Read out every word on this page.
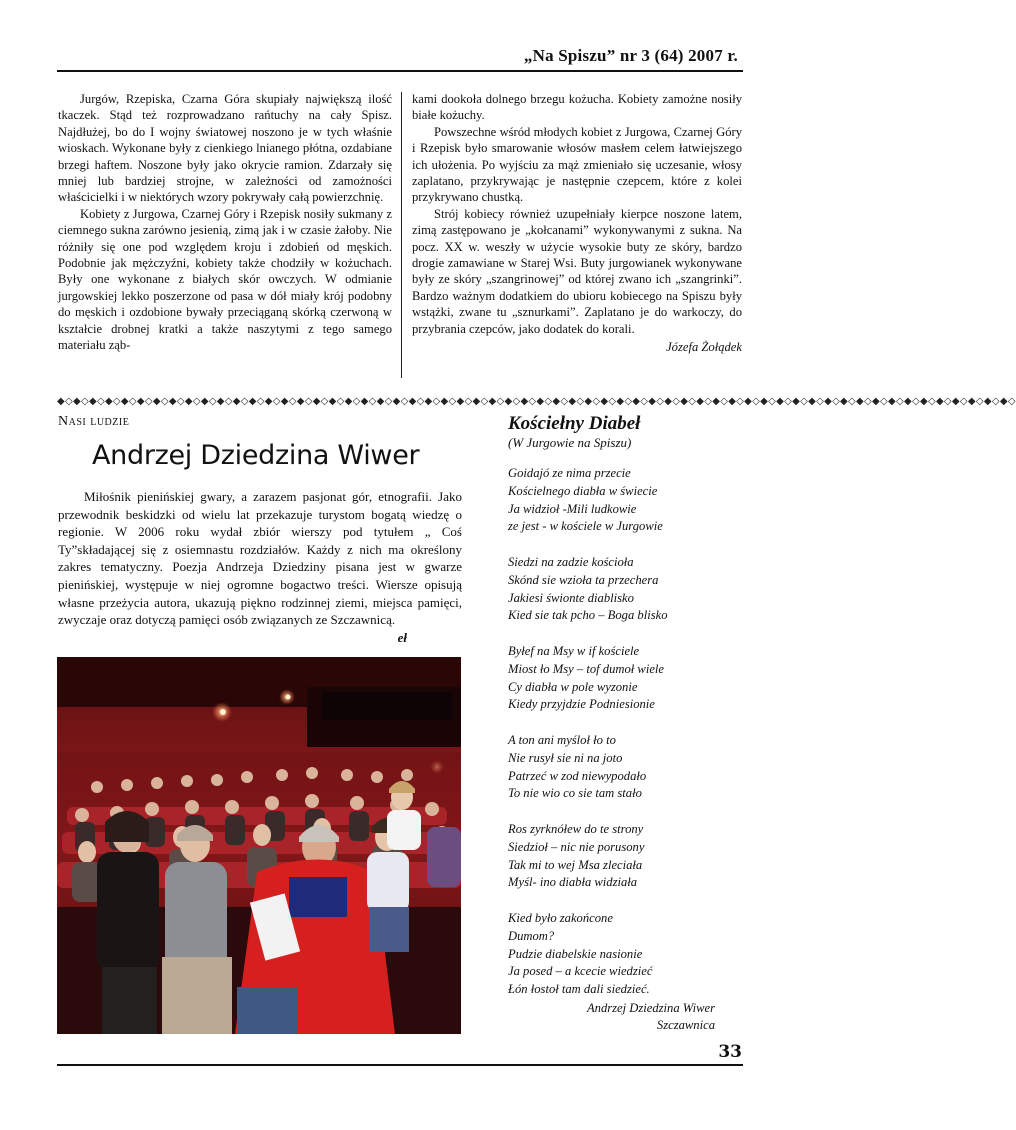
„Na Spiszu” nr 3 (64) 2007 r.

Jurgów, Rzepiska, Czarna Góra skupiały największą ilość tkaczek. Stąd też rozprowadzano rańtuchy na cały Spisz. Najdłużej, bo do I wojny światowej noszono je w tych właśnie wioskach. Wykonane były z cienkiego lnianego płótna, ozdabiane brzegi haftem. Noszone były jako okrycie ramion. Zdarzały się mniej lub bardziej strojne, w zależności od zamożności właścicielki i w niektórych wzory pokrywały całą powierzchnię.

Kobiety z Jurgowa, Czarnej Góry i Rzepisk nosiły sukmany z ciemnego sukna zarówno jesienią, zimą jak i w czasie żałoby. Nie różniły się one pod względem kroju i zdobień od męskich. Podobnie jak mężczyźni, kobiety także chodziły w kożuchach. Były one wykonane z białych skór owczych. W odmianie jurgowskiej lekko poszerzone od pasa w dół miały krój podobny do męskich i ozdobione bywały przeciąganą skórką czerwoną w kształcie drobnej kratki a także naszytymi z tego samego materiału ząb-

kami dookoła dolnego brzegu kożucha. Kobiety zamożne nosiły białe kożuchy.

Powszechne wśród młodych kobiet z Jurgowa, Czarnej Góry i Rzepisk było smarowanie włosów masłem celem łatwiejszego ich ułożenia. Po wyjściu za mąż zmieniało się uczesanie, włosy zaplatano, przykrywając je następnie czepcem, które z kolei przykrywano chustką.

Strój kobiecy również uzupełniały kierpce noszone latem, zimą zastępowano je „kołcanami” wykonywanymi z sukna. Na pocz. XX w. weszły w użycie wysokie buty ze skóry, bardzo drogie zamawiane w Starej Wsi. Buty jurgowianek wykonywane były ze skóry „szangrinowej” od której zwano ich „szangrinki”. Bardzo ważnym dodatkiem do ubioru kobiecego na Spiszu były wstążki, zwane tu „sznurkami”. Zaplatano je do warkoczy, do przybrania czepców, jako dodatek do korali.

Józefa Żołądek
◆◇◆◇◆◇◆◇◆◇◆◇◆◇◆◇◆◇◆◇◆◇◆◇◆◇◆◇◆◇◆◇◆◇◆◇◆◇◆◇◆◇◆◇◆◇◆◇◆◇◆◇◆◇◆◇◆◇◆◇◆◇◆◇◆◇◆◇◆◇◆◇◆◇◆◇◆◇◆◇◆◇◆◇◆◇◆◇◆◇◆◇◆◇◆◇◆◇◆◇◆◇◆◇◆◇◆◇◆◇◆◇◆◇◆◇◆◇◆◇
Nasi ludzie
Andrzej Dziedzina Wiwer

Miłośnik pienińskiej gwary, a zarazem pasjonat gór, etnografii. Jako przewodnik beskidzki od wielu lat przekazuje turystom bogatą wiedzę o regionie. W 2006 roku wydał zbiór wierszy pod tytułem „ Coś Ty”składającej się z osiemnastu rozdziałów. Każdy z nich ma określony zakres tematyczny. Poezja Andrzeja Dziedziny pisana jest w gwarze pienińskiej, występuje w niej ogromne bogactwo treści. Wiersze opisują własne przeżycia autora, ukazują piękno rodzinnej ziemi, miejsca pamięci, zwyczaje oraz dotyczą pamięci osób związanych ze Szczawnicą.

eł
Kościełny Diabeł
(W Jurgowie na Spiszu)
Goidajó ze nima przecie
Kościelnego diabła w świecie
Ja widzioł -Mili ludkowie
ze jest - w kościele w Jurgowie
Siedzi na zadzie kościoła
Skónd sie wzioła ta przechera
Jakiesi świonte diablisko
Kied sie tak pcho – Boga blisko
Byłef na Msy w if kościele
Miost ło Msy – tof dumoł wiele
Cy diabła w pole wyzonie
Kiedy przyjdzie Podniesionie
A ton ani myśloł ło to
Nie rusył sie ni na joto
Patrzeć w zod niewypodało
To nie wio co sie tam stało
Ros zyrknółew do te strony
Siedzioł – nic nie porusony
Tak mi to wej Msa zleciała
Myśl- ino diabła widziała
Kied było zakońcone
Dumom?
Pudzie diabelskie nasionie
Ja posed – a kcecie wiedzieć
Łón łostoł tam dali siedzieć.
Andrzej Dziedzina Wiwer
Szczawnica
33
